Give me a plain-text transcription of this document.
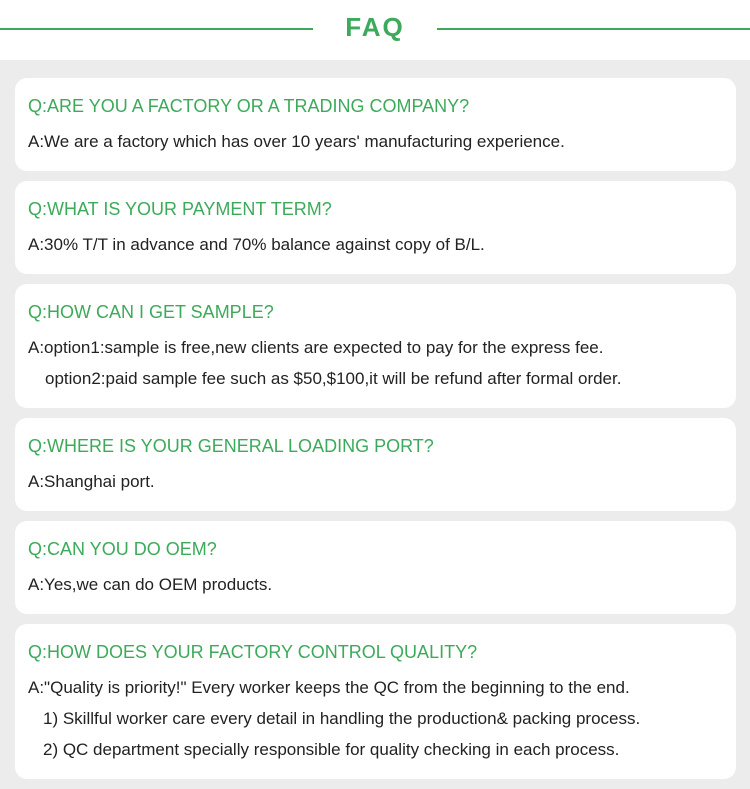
FAQ
Q:ARE YOU A FACTORY OR A TRADING COMPANY?
A:We are a factory which has over 10 years' manufacturing experience.
Q:WHAT IS YOUR PAYMENT TERM?
A:30% T/T in advance and 70% balance against copy of B/L.
Q:HOW CAN I GET SAMPLE?
A:option1:sample is free,new clients are expected to pay for the express fee.
option2:paid sample fee such as $50,$100,it will be refund after formal order.
Q:WHERE IS YOUR GENERAL LOADING PORT?
A:Shanghai port.
Q:CAN YOU DO OEM?
A:Yes,we can do OEM products.
Q:HOW DOES YOUR FACTORY CONTROL QUALITY?
A:"Quality is priority!" Every worker keeps the QC from the beginning to the end.
1) Skillful worker care every detail in handling the production& packing process.
2) QC department specially responsible for quality checking in each process.
